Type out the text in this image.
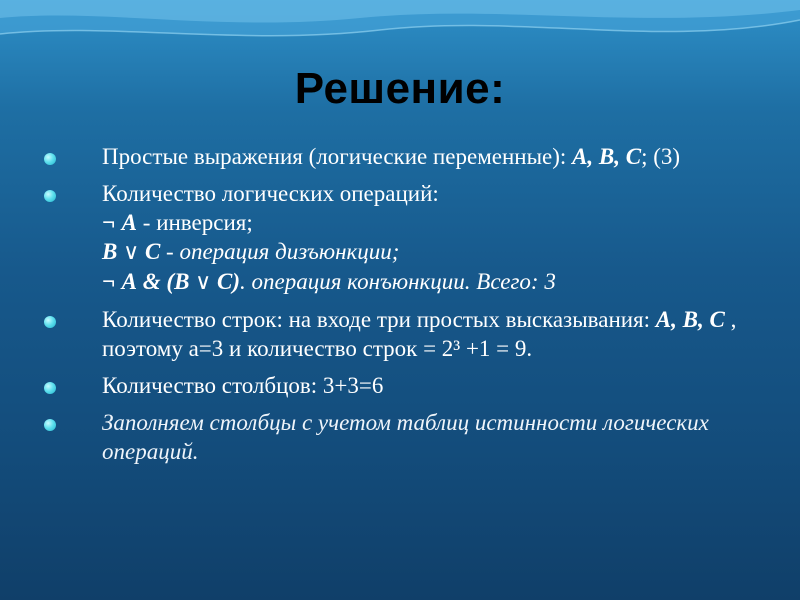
Решение:
Простые выражения (логические переменные): А, В, С; (3)
Количество логических операций:
¬ А - инверсия;
В ∨ С - операция дизъюнкции;
¬ А & (В ∨ С). операция конъюнкции. Всего: 3
Количество строк: на входе три простых высказывания: А, В, С , поэтому а=3 и количество строк = 2³ +1 = 9.
Количество столбцов: 3+3=6
Заполняем столбцы с учетом таблиц истинности логических операций.
